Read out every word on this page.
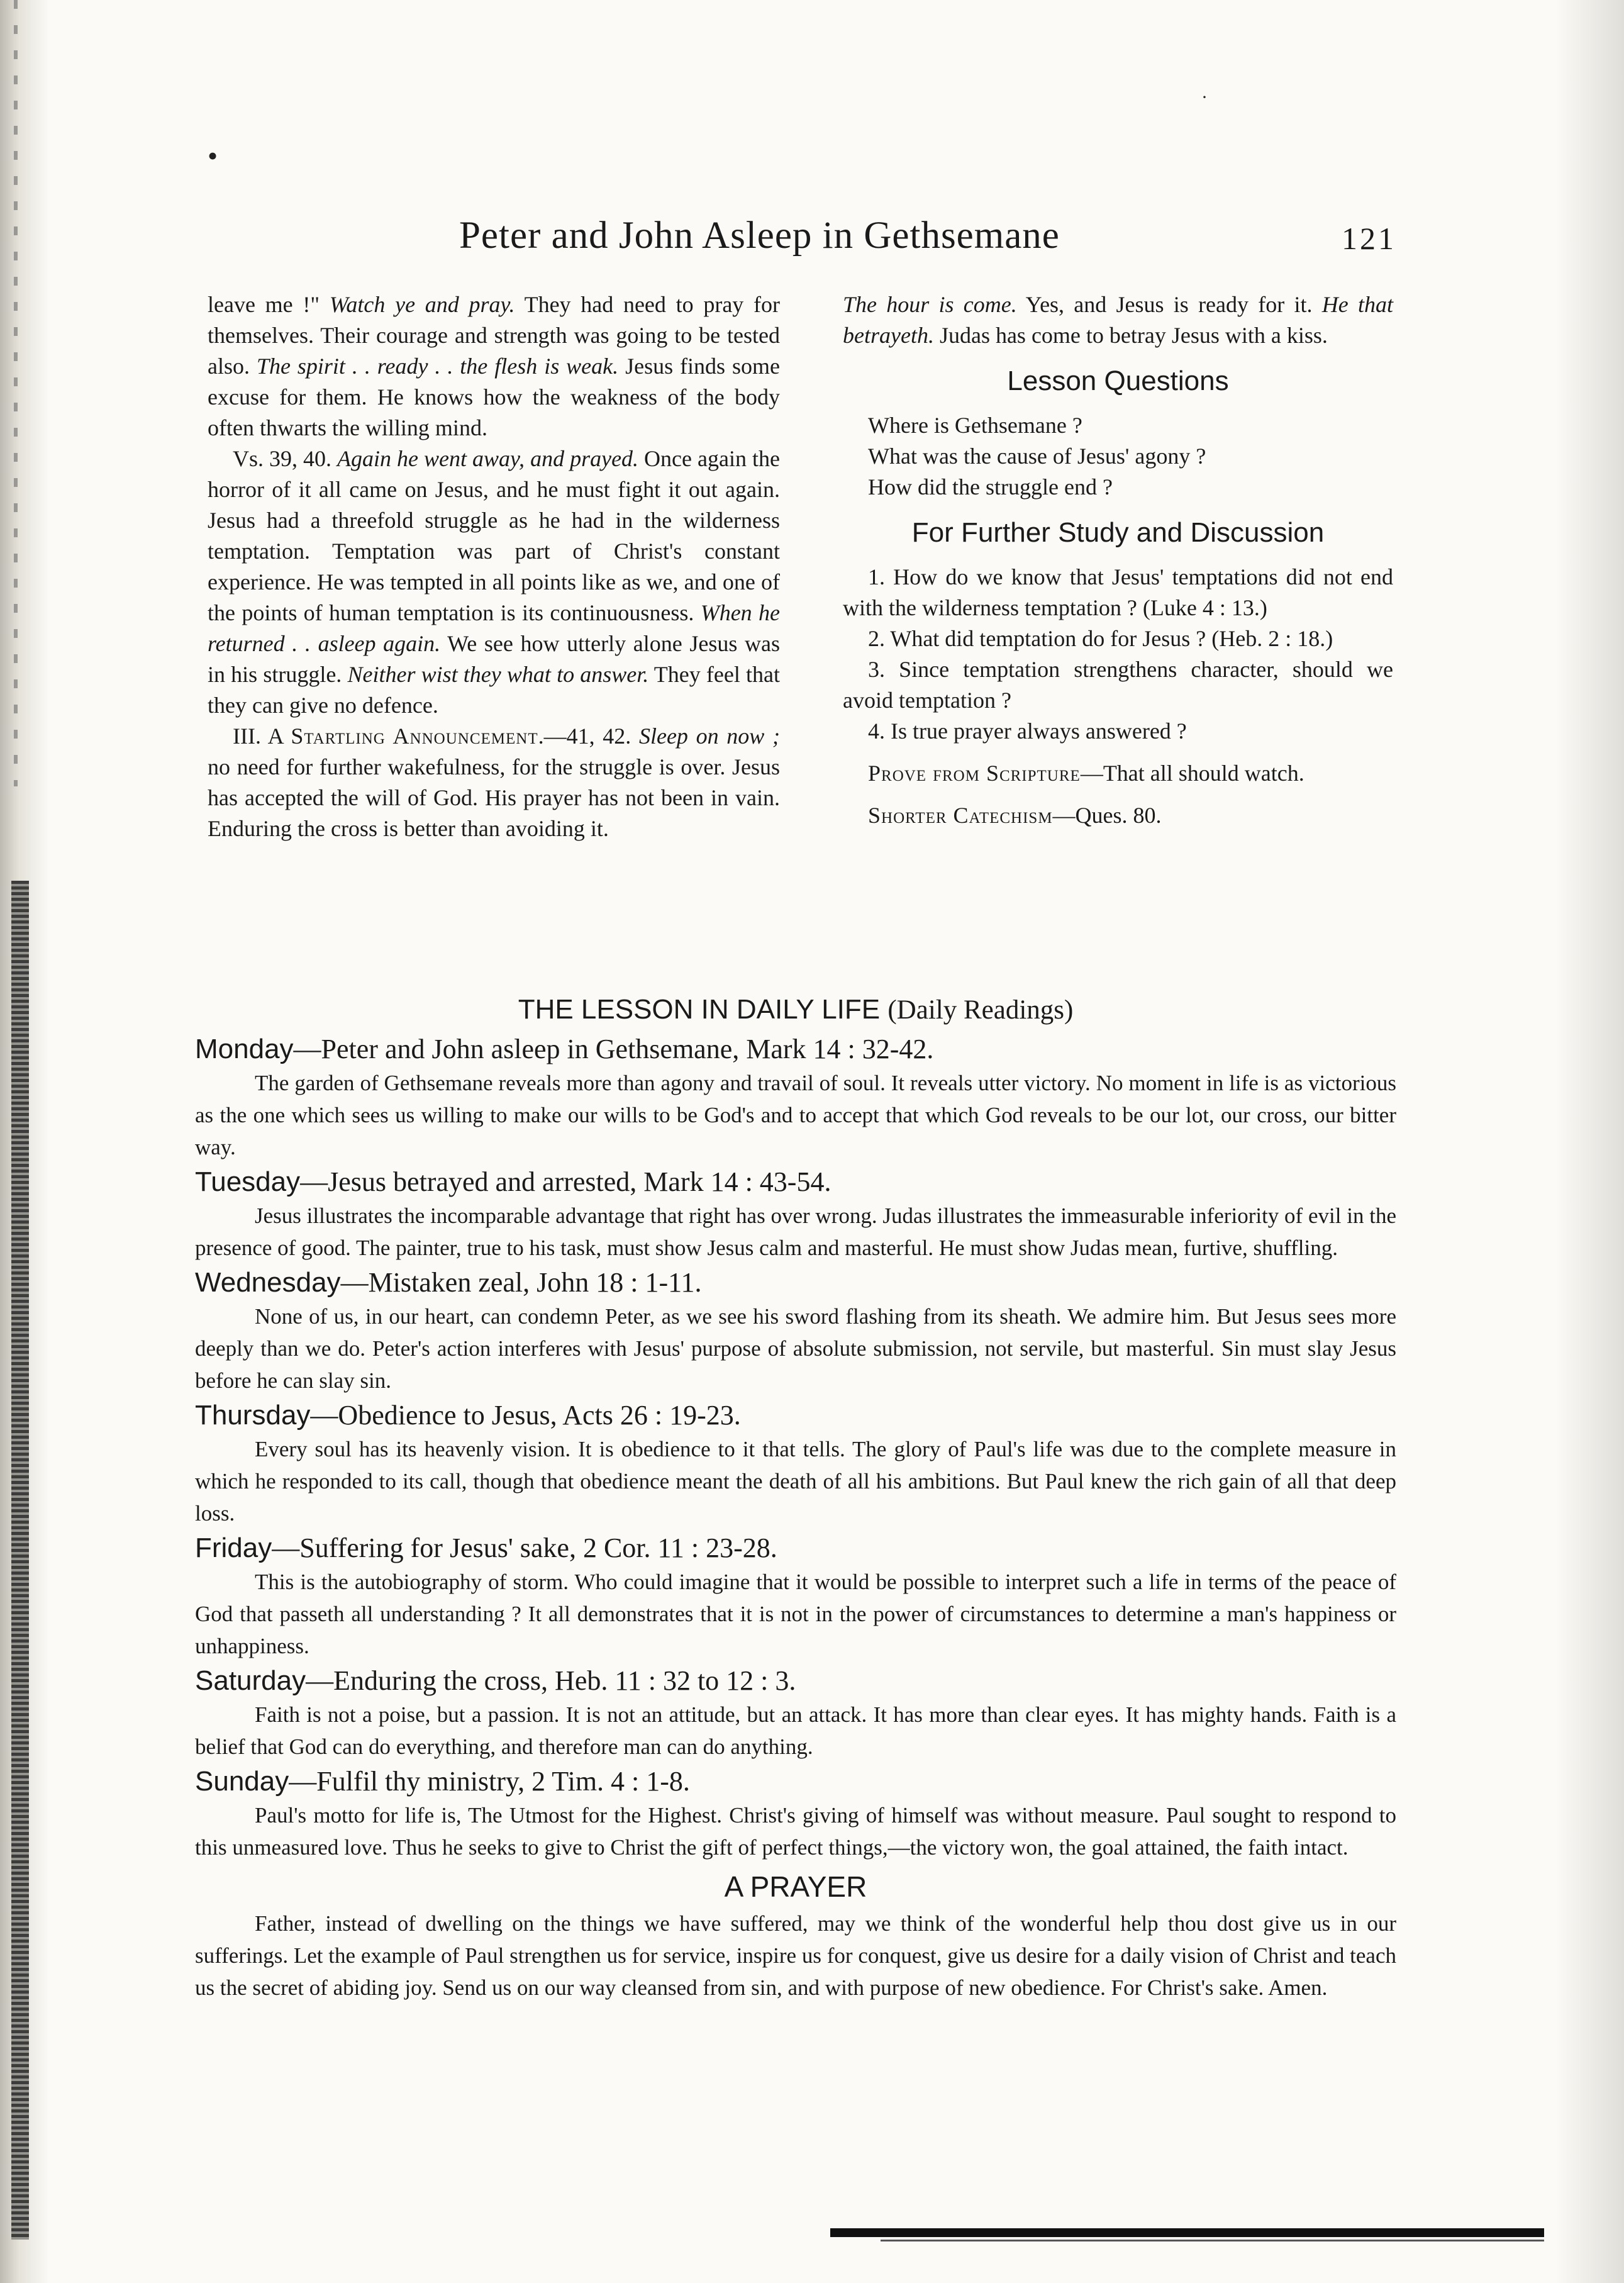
•
·
Peter and John Asleep in Gethsemane	121

leave me !" Watch ye and pray. They had need to pray for themselves. Their courage and strength was going to be tested also. The spirit . . ready . . the flesh is weak. Jesus finds some excuse for them. He knows how the weakness of the body often thwarts the willing mind.

Vs. 39, 40. Again he went away, and prayed. Once again the horror of it all came on Jesus, and he must fight it out again. Jesus had a threefold struggle as he had in the wilderness temptation. Temptation was part of Christ's constant experience. He was tempted in all points like as we, and one of the points of human temptation is its continuousness. When he returned . . asleep again. We see how utterly alone Jesus was in his struggle. Neither wist they what to answer. They feel that they can give no defence.

III. A Startling Announcement.—41, 42. Sleep on now ; no need for further wakefulness, for the struggle is over. Jesus has accepted the will of God. His prayer has not been in vain. Enduring the cross is better than avoiding it.

The hour is come. Yes, and Jesus is ready for it. He that betrayeth. Judas has come to betray Jesus with a kiss.

Lesson Questions

Where is Gethsemane ?

What was the cause of Jesus' agony ?

How did the struggle end ?

For Further Study and Discussion

1. How do we know that Jesus' temptations did not end with the wilderness temptation ? (Luke 4 : 13.)

2. What did temptation do for Jesus ? (Heb. 2 : 18.)

3. Since temptation strengthens character, should we avoid temptation ?

4. Is true prayer always answered ?

Prove from Scripture—That all should watch.

Shorter Catechism—Ques. 80.

THE LESSON IN DAILY LIFE (Daily Readings)
Monday—Peter and John asleep in Gethsemane, Mark 14 : 32-42.

The garden of Gethsemane reveals more than agony and travail of soul. It reveals utter victory. No moment in life is as victorious as the one which sees us willing to make our wills to be God's and to accept that which God reveals to be our lot, our cross, our bitter way.

Tuesday—Jesus betrayed and arrested, Mark 14 : 43-54.

Jesus illustrates the incomparable advantage that right has over wrong. Judas illustrates the immeasurable inferiority of evil in the presence of good. The painter, true to his task, must show Jesus calm and masterful. He must show Judas mean, furtive, shuffling.

Wednesday—Mistaken zeal, John 18 : 1-11.

None of us, in our heart, can condemn Peter, as we see his sword flashing from its sheath. We admire him. But Jesus sees more deeply than we do. Peter's action interferes with Jesus' purpose of absolute submission, not servile, but masterful. Sin must slay Jesus before he can slay sin.

Thursday—Obedience to Jesus, Acts 26 : 19-23.

Every soul has its heavenly vision. It is obedience to it that tells. The glory of Paul's life was due to the complete measure in which he responded to its call, though that obedience meant the death of all his ambitions. But Paul knew the rich gain of all that deep loss.

Friday—Suffering for Jesus' sake, 2 Cor. 11 : 23-28.

This is the autobiography of storm. Who could imagine that it would be possible to interpret such a life in terms of the peace of God that passeth all understanding ? It all demonstrates that it is not in the power of circumstances to determine a man's happiness or unhappiness.

Saturday—Enduring the cross, Heb. 11 : 32 to 12 : 3.

Faith is not a poise, but a passion. It is not an attitude, but an attack. It has more than clear eyes. It has mighty hands. Faith is a belief that God can do everything, and therefore man can do anything.

Sunday—Fulfil thy ministry, 2 Tim. 4 : 1-8.

Paul's motto for life is, The Utmost for the Highest. Christ's giving of himself was without measure. Paul sought to respond to this unmeasured love. Thus he seeks to give to Christ the gift of perfect things,—the victory won, the goal attained, the faith intact.

A PRAYER

Father, instead of dwelling on the things we have suffered, may we think of the wonderful help thou dost give us in our sufferings. Let the example of Paul strengthen us for service, inspire us for conquest, give us desire for a daily vision of Christ and teach us the secret of abiding joy. Send us on our way cleansed from sin, and with purpose of new obedience. For Christ's sake. Amen.
